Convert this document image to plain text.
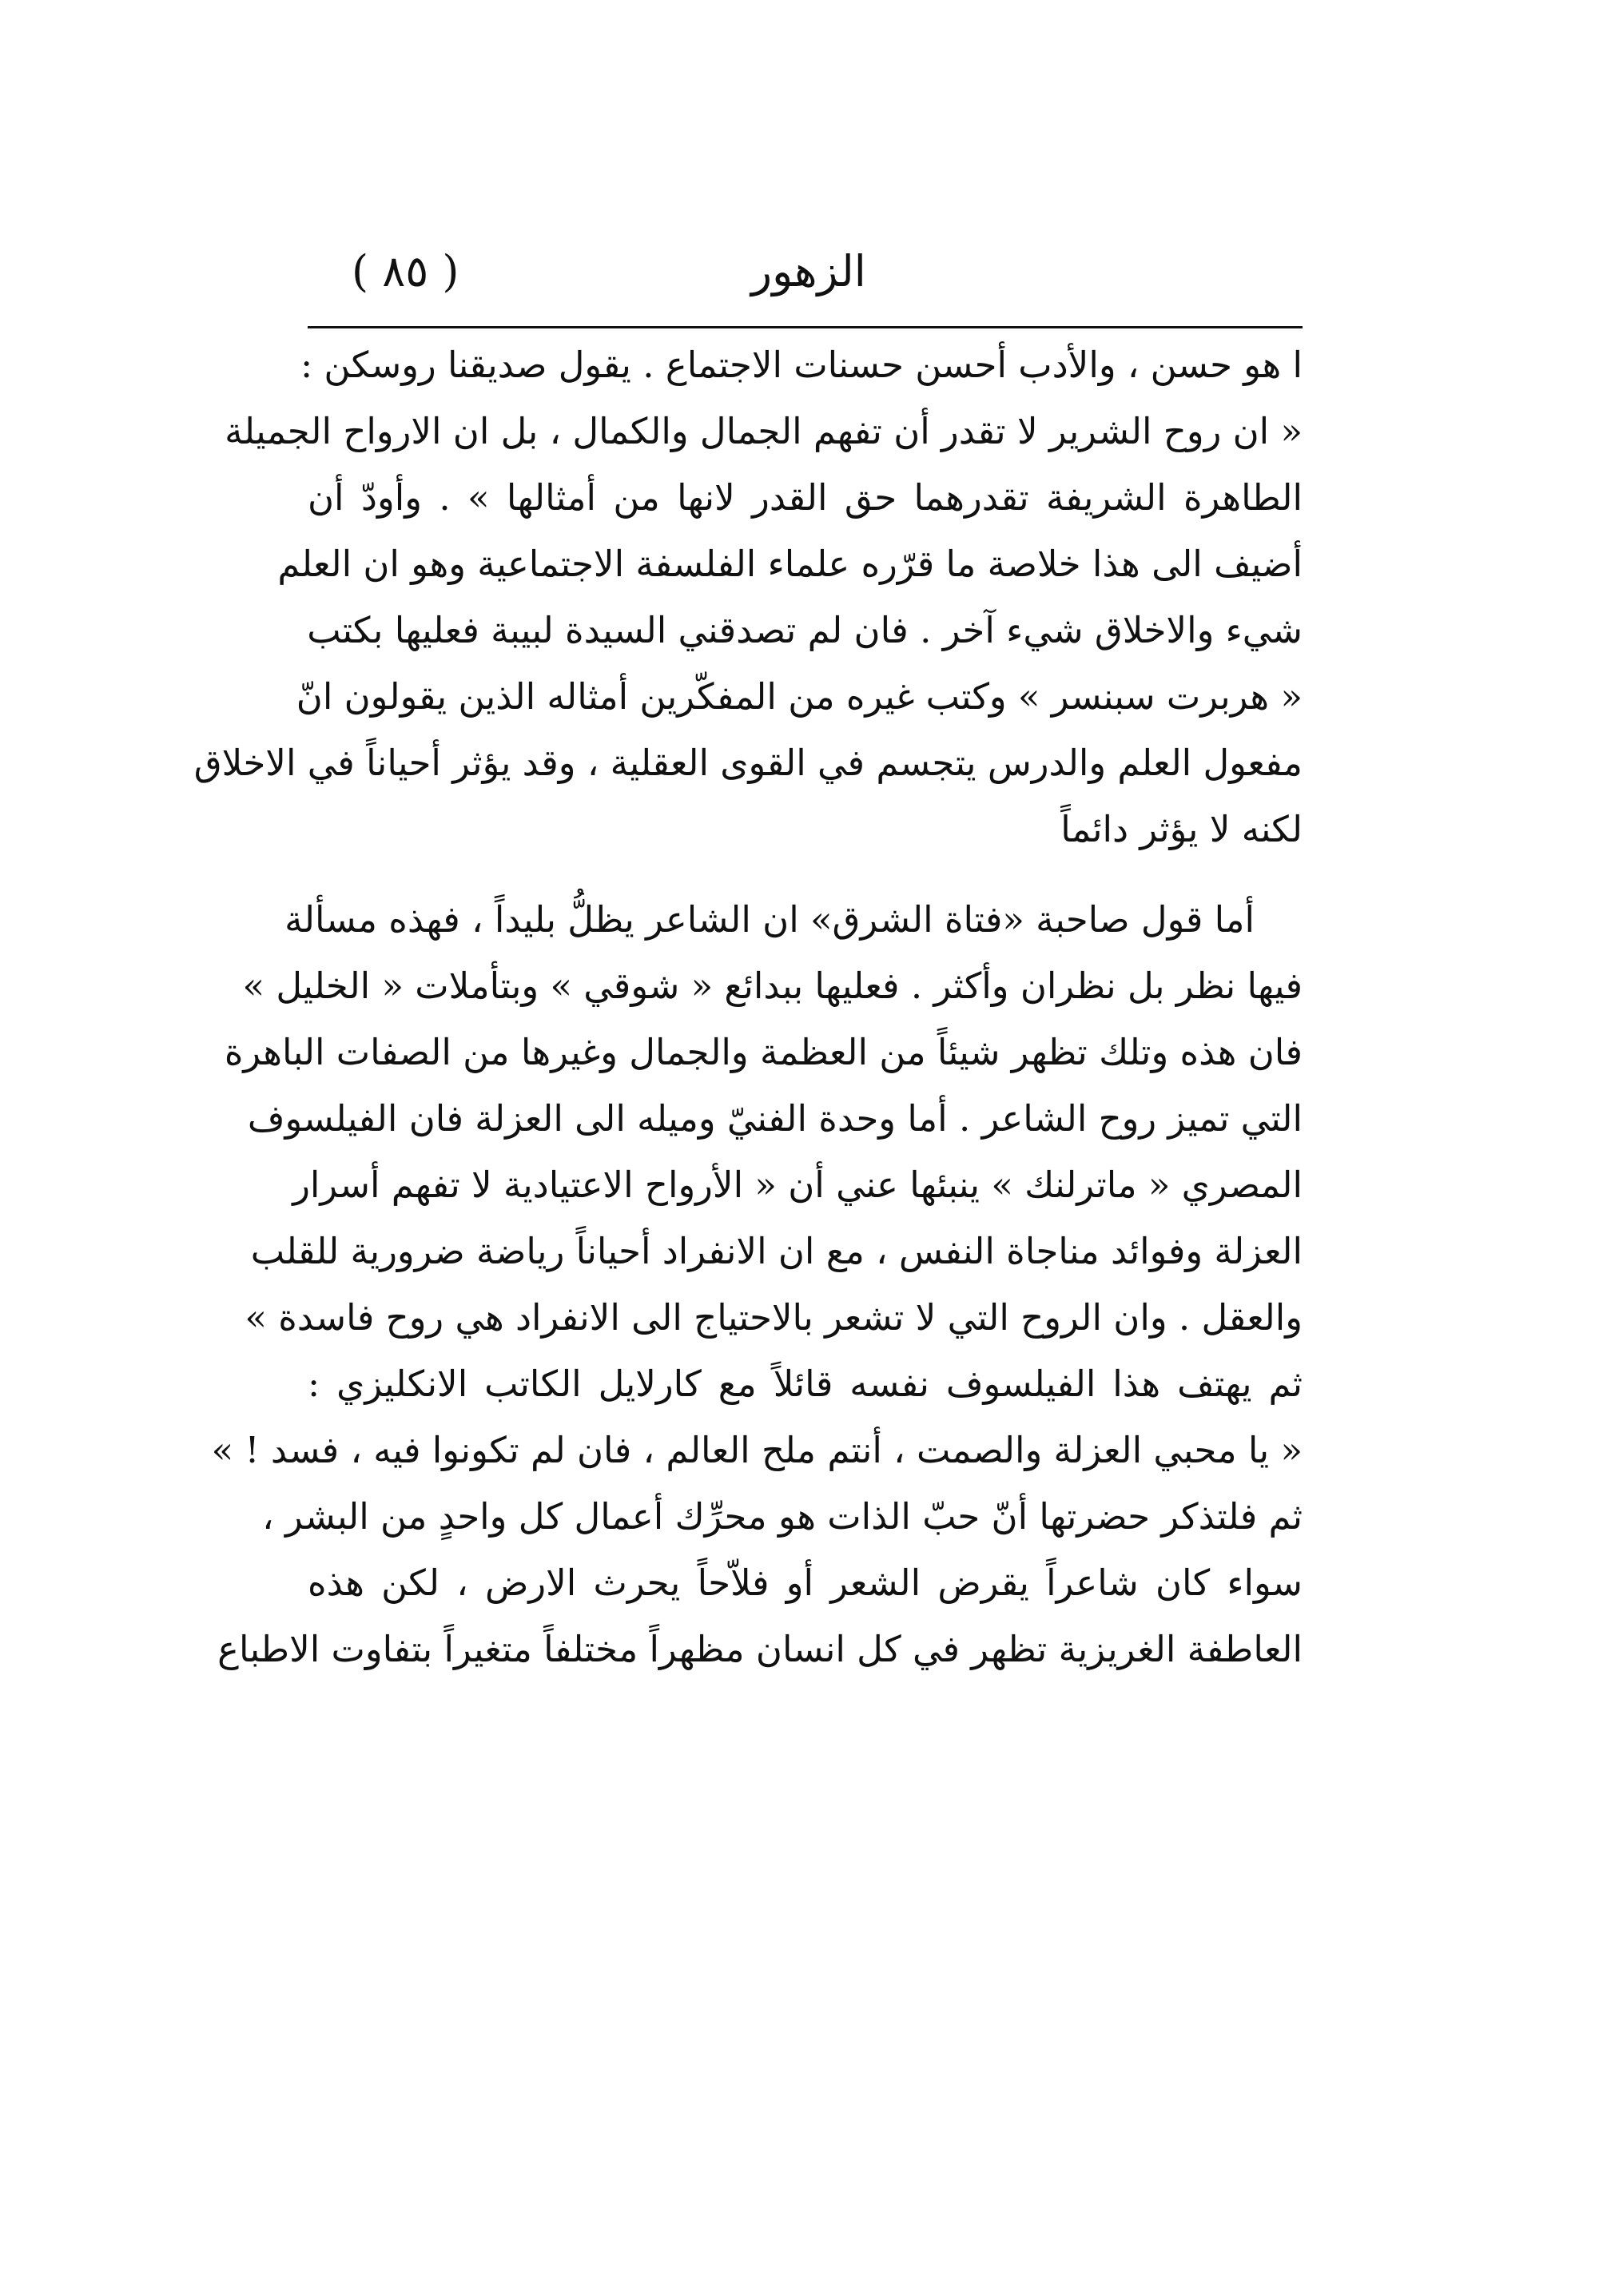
( ٨٥ )	الزهور
ا هو حسن ، والأدب أحسن حسنات الاجتماع . يقول صديقنا روسكن :
« ان روح الشرير لا تقدر أن تفهم الجمال والكمال ، بل ان الارواح الجميلة
الطاهرة الشريفة تقدرهما حق القدر لانها من أمثالها » . وأودّ أن
أضيف الى هذا خلاصة ما قرّره علماء الفلسفة الاجتماعية وهو ان العلم
شيء والاخلاق شيء آخر . فان لم تصدقني السيدة لبيبة فعليها بكتب
« هربرت سبنسر » وكتب غيره من المفكّرين أمثاله الذين يقولون انّ
مفعول العلم والدرس يتجسم في القوى العقلية ، وقد يؤثر أحياناً في الاخلاق
لكنه لا يؤثر دائماً
أما قول صاحبة «فتاة الشرق» ان الشاعر يظلُّ بليداً ، فهذه مسألة
فيها نظر بل نظران وأكثر . فعليها ببدائع « شوقي » وبتأملات « الخليل »
فان هذه وتلك تظهر شيئاً من العظمة والجمال وغيرها من الصفات الباهرة
التي تميز روح الشاعر . أما وحدة الفنيّ وميله الى العزلة فان الفيلسوف
المصري « ماترلنك » ينبئها عني أن « الأرواح الاعتيادية لا تفهم أسرار
العزلة وفوائد مناجاة النفس ، مع ان الانفراد أحياناً رياضة ضرورية للقلب
والعقل . وان الروح التي لا تشعر بالاحتياج الى الانفراد هي روح فاسدة »
ثم يهتف هذا الفيلسوف نفسه قائلاً مع كارلايل الكاتب الانكليزي :
« يا محبي العزلة والصمت ، أنتم ملح العالم ، فان لم تكونوا فيه ، فسد ! »
ثم فلتذكر حضرتها أنّ حبّ الذات هو محرِّك أعمال كل واحدٍ من البشر ،
سواء كان شاعراً يقرض الشعر أو فلاّحاً يحرث الارض ، لكن هذه
العاطفة الغريزية تظهر في كل انسان مظهراً مختلفاً متغيراً بتفاوت الاطباع
